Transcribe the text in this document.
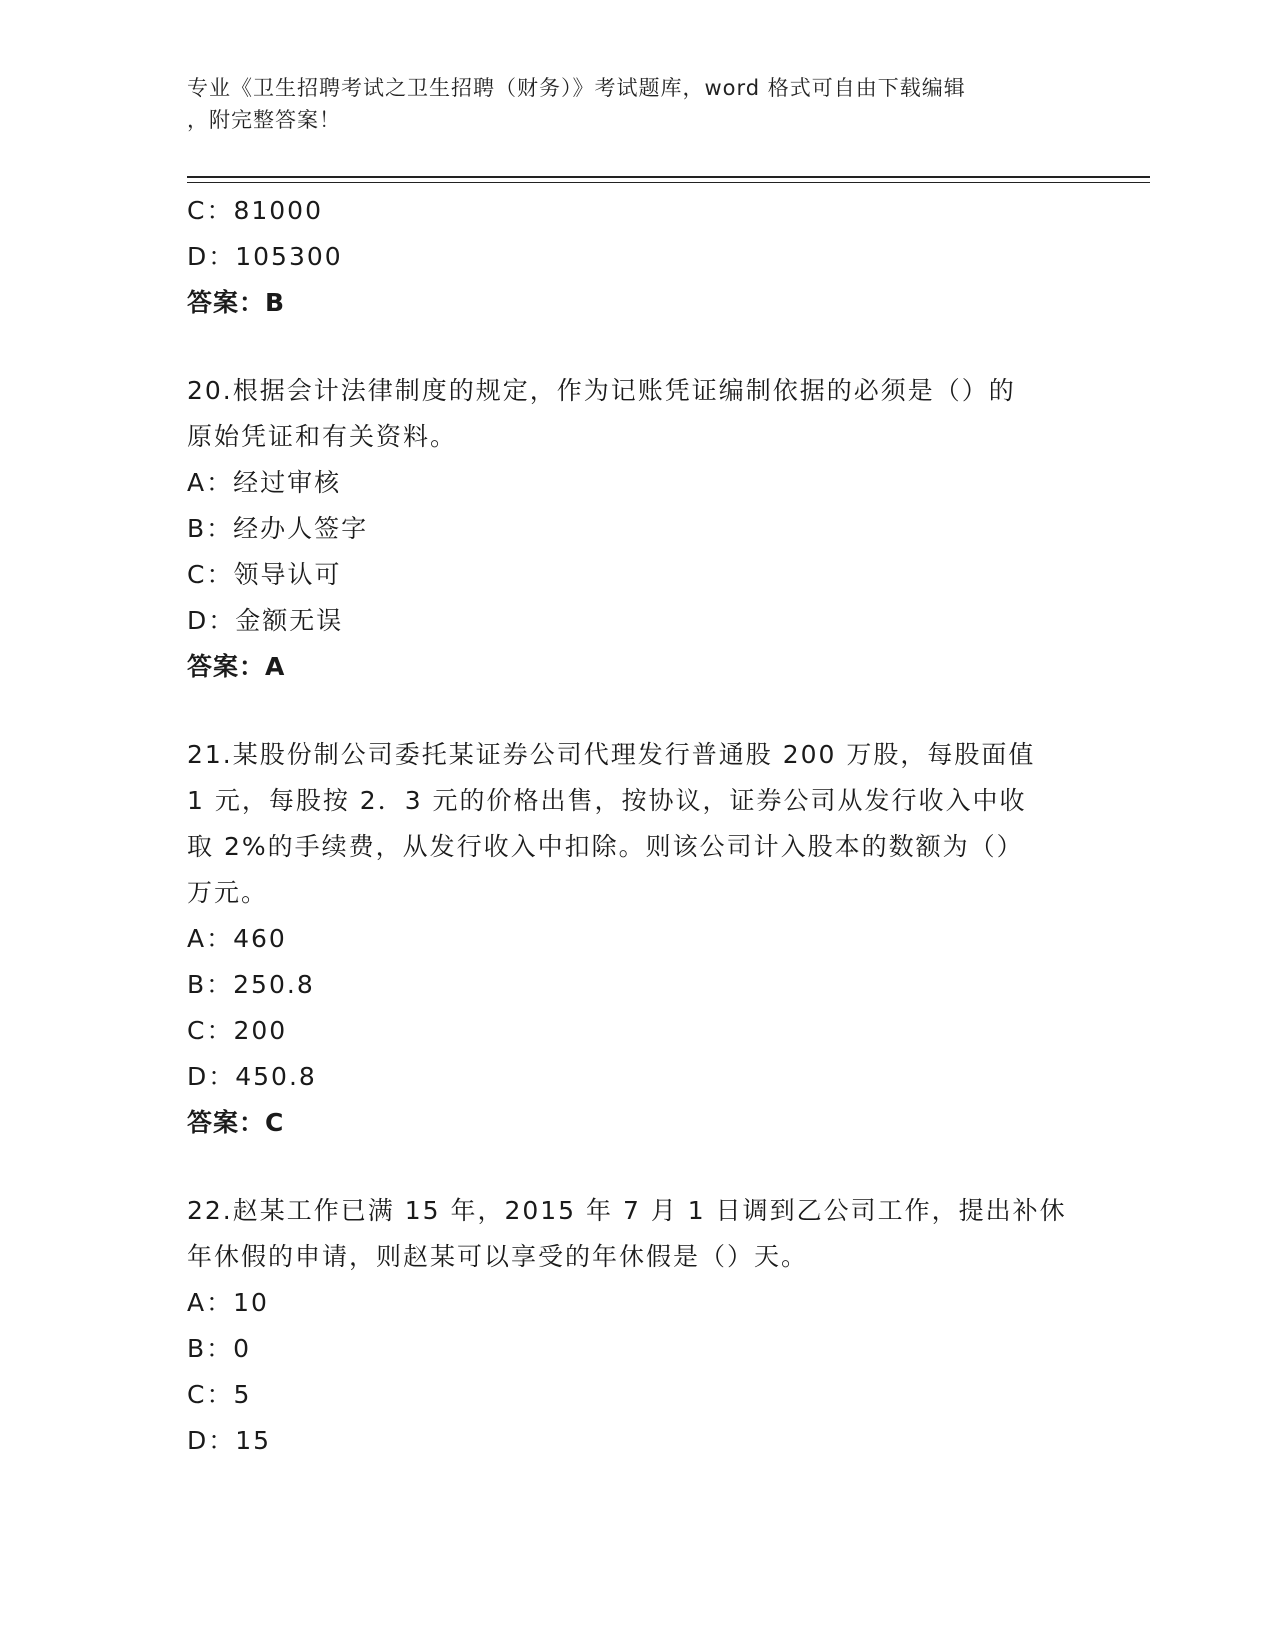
专业《卫生招聘考试之卫生招聘（财务）》考试题库，word 格式可自由下载编辑
，附完整答案！
C：81000
D：105300
答案：B
20.根据会计法律制度的规定，作为记账凭证编制依据的必须是（）的
原始凭证和有关资料。
A：经过审核
B：经办人签字
C：领导认可
D：金额无误
答案：A
21.某股份制公司委托某证券公司代理发行普通股 200 万股，每股面值
1 元，每股按 2．3 元的价格出售，按协议，证券公司从发行收入中收
取 2%的手续费，从发行收入中扣除。则该公司计入股本的数额为（）
万元。
A：460
B：250.8
C：200
D：450.8
答案：C
22.赵某工作已满 15 年，2015 年 7 月 1 日调到乙公司工作，提出补休
年休假的申请，则赵某可以享受的年休假是（）天。
A：10
B：0
C：5
D：15
